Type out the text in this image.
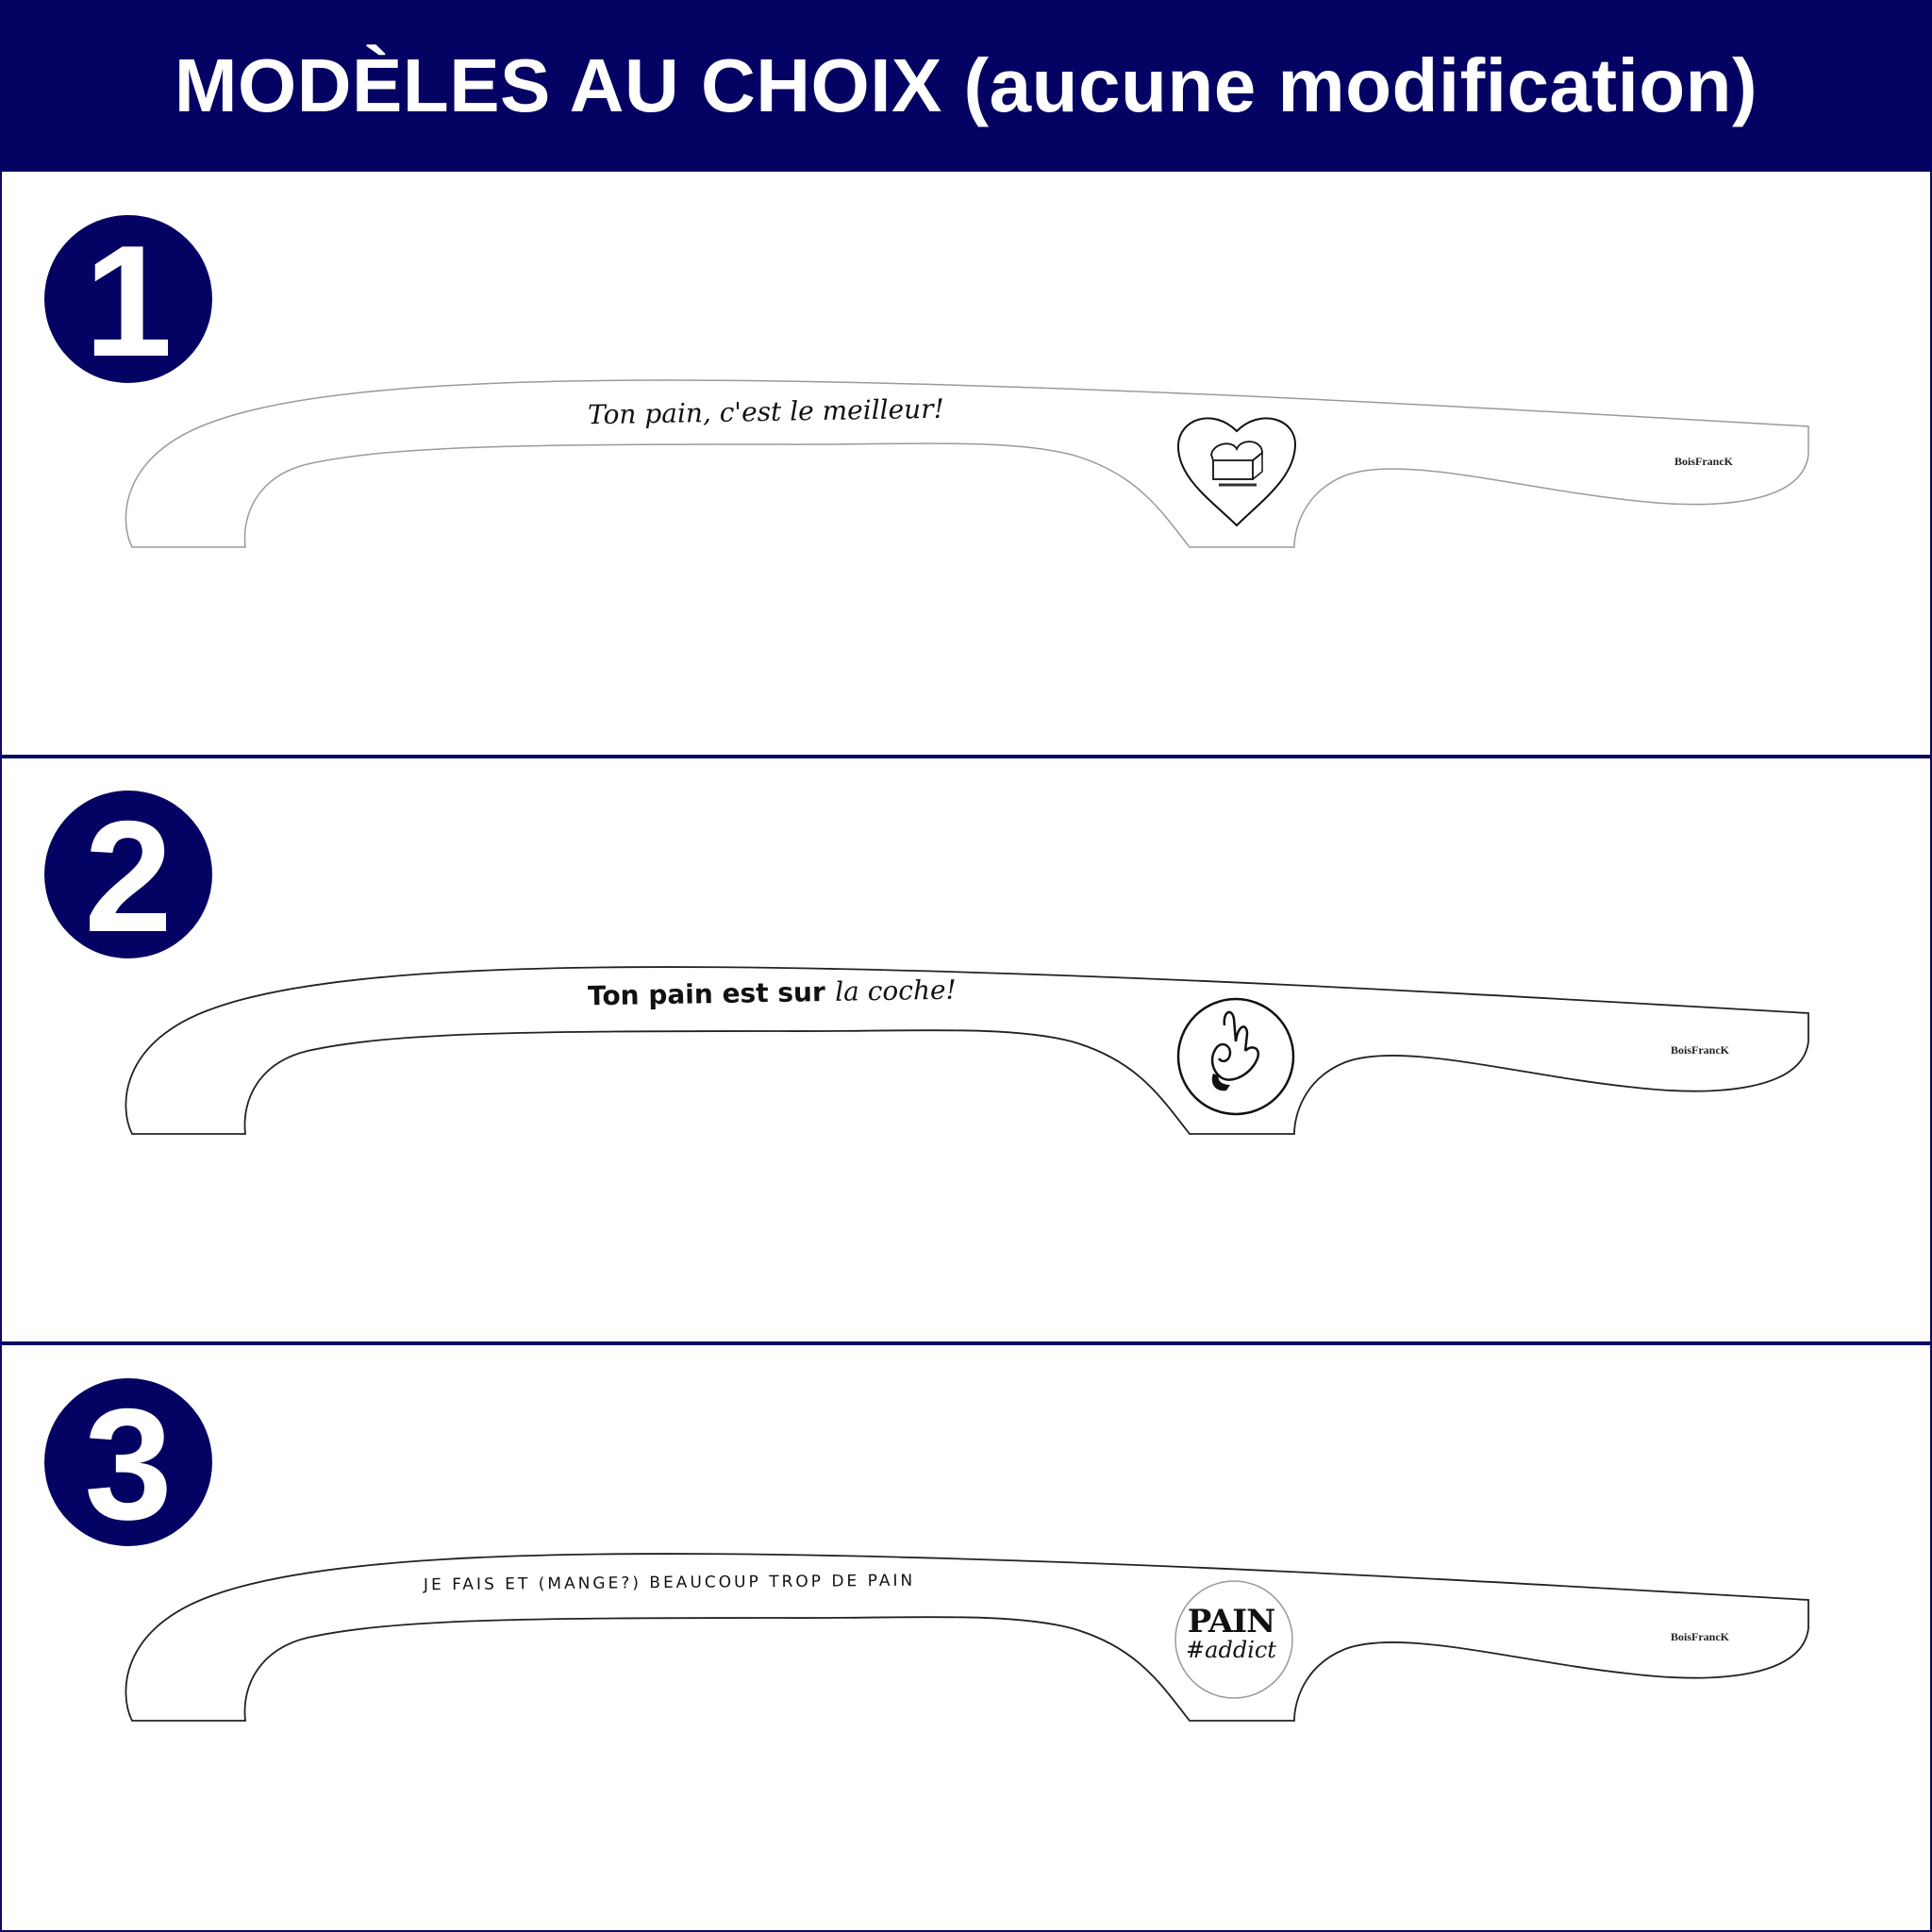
MODÈLES AU CHOIX (aucune modification)
1
Ton pain, c'est le meilleur!
BoisFrancK
2
Ton pain est sur la coche!
BoisFrancK
3
JE FAIS ET (MANGE?) BEAUCOUP TROP DE PAIN
PAIN
#addict	BoisFrancK
